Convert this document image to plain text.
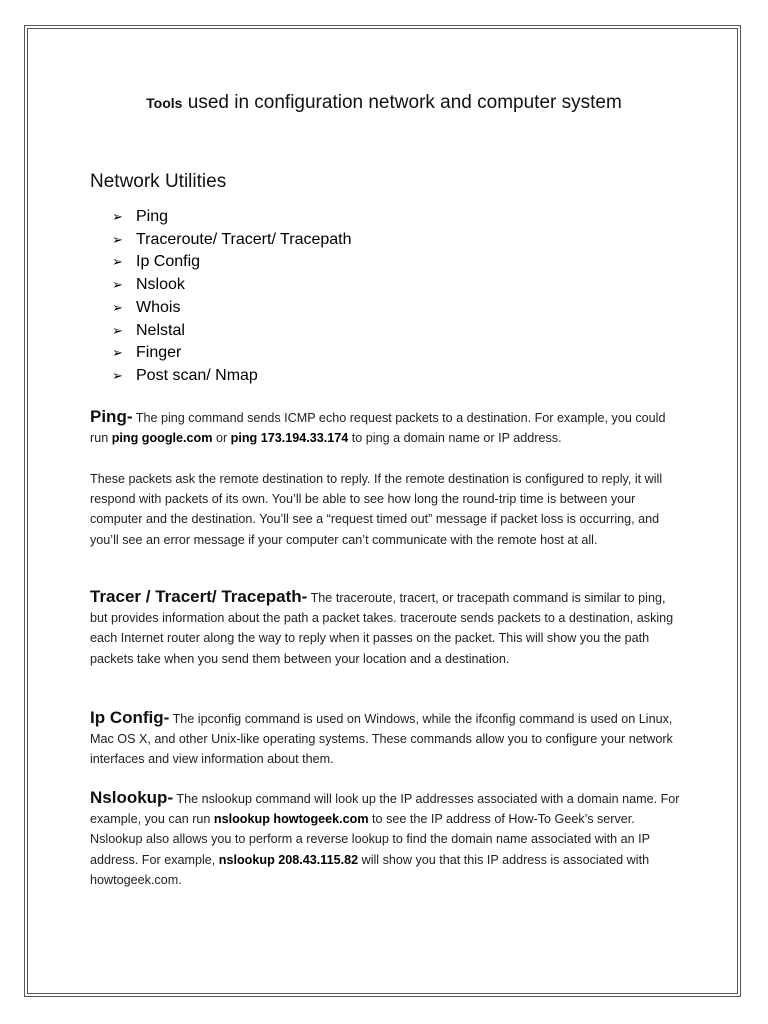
Tools used in configuration network and computer system
Network Utilities
➢ Ping
➢ Traceroute/ Tracert/ Tracepath
➢ Ip Config
➢ Nslook
➢ Whois
➢ Nelstal
➢ Finger
➢ Post scan/ Nmap

Ping- The ping command sends ICMP echo request packets to a destination. For example, you could run ping google.com or ping 173.194.33.174 to ping a domain name or IP address.

These packets ask the remote destination to reply. If the remote destination is configured to reply, it will respond with packets of its own. You’ll be able to see how long the round-trip time is between your computer and the destination. You’ll see a “request timed out” message if packet loss is occurring, and you’ll see an error message if your computer can’t communicate with the remote host at all.

Tracer / Tracert/ Tracepath- The traceroute, tracert, or tracepath command is similar to ping, but provides information about the path a packet takes. traceroute sends packets to a destination, asking each Internet router along the way to reply when it passes on the packet. This will show you the path packets take when you send them between your location and a destination.

Ip Config- The ipconfig command is used on Windows, while the ifconfig command is used on Linux, Mac OS X, and other Unix-like operating systems. These commands allow you to configure your network interfaces and view information about them.

Nslookup- The nslookup command will look up the IP addresses associated with a domain name. For example, you can run nslookup howtogeek.com to see the IP address of How-To Geek’s server. Nslookup also allows you to perform a reverse lookup to find the domain name associated with an IP address. For example, nslookup 208.43.115.82 will show you that this IP address is associated with howtogeek.com.
